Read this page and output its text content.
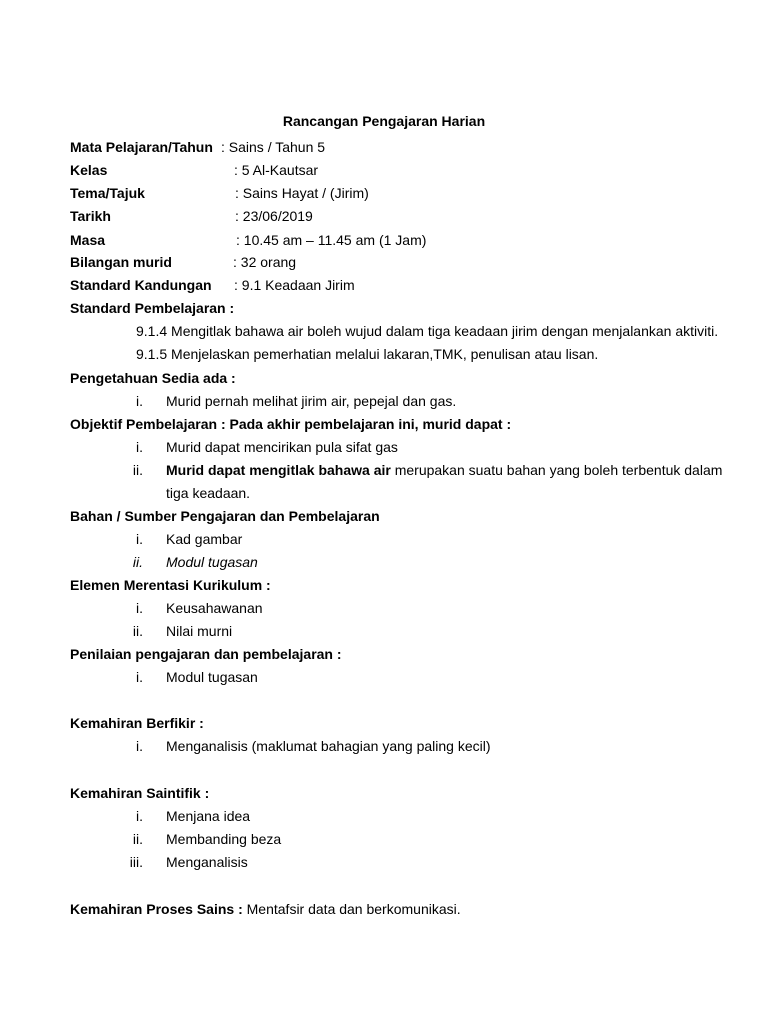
Rancangan Pengajaran Harian
Mata Pelajaran/Tahun : Sains / Tahun 5
Kelas	: 5 Al-Kautsar
Tema/Tajuk	: Sains Hayat / (Jirim)
Tarikh	: 23/06/2019
Masa	: 10.45 am – 11.45 am (1 Jam)
Bilangan murid	: 32 orang
Standard Kandungan : 9.1 Keadaan Jirim
Standard Pembelajaran :
9.1.4 Mengitlak bahawa air boleh wujud dalam tiga keadaan jirim dengan menjalankan aktiviti.
9.1.5 Menjelaskan pemerhatian melalui lakaran,TMK, penulisan atau lisan.
Pengetahuan Sedia ada :
i. Murid pernah melihat jirim air, pepejal dan gas.
Objektif Pembelajaran : Pada akhir pembelajaran ini, murid dapat :
i. Murid dapat mencirikan pula sifat gas
ii. Murid dapat mengitlak bahawa air merupakan suatu bahan yang boleh terbentuk dalam
tiga keadaan.
Bahan / Sumber Pengajaran dan Pembelajaran
i. Kad gambar
ii. Modul tugasan
Elemen Merentasi Kurikulum :
i. Keusahawanan
ii. Nilai murni
Penilaian pengajaran dan pembelajaran :
i. Modul tugasan
Kemahiran Berfikir :
i. Menganalisis (maklumat bahagian yang paling kecil)
Kemahiran Saintifik :
i. Menjana idea
ii. Membanding beza
iii. Menganalisis
Kemahiran Proses Sains : Mentafsir data dan berkomunikasi.
